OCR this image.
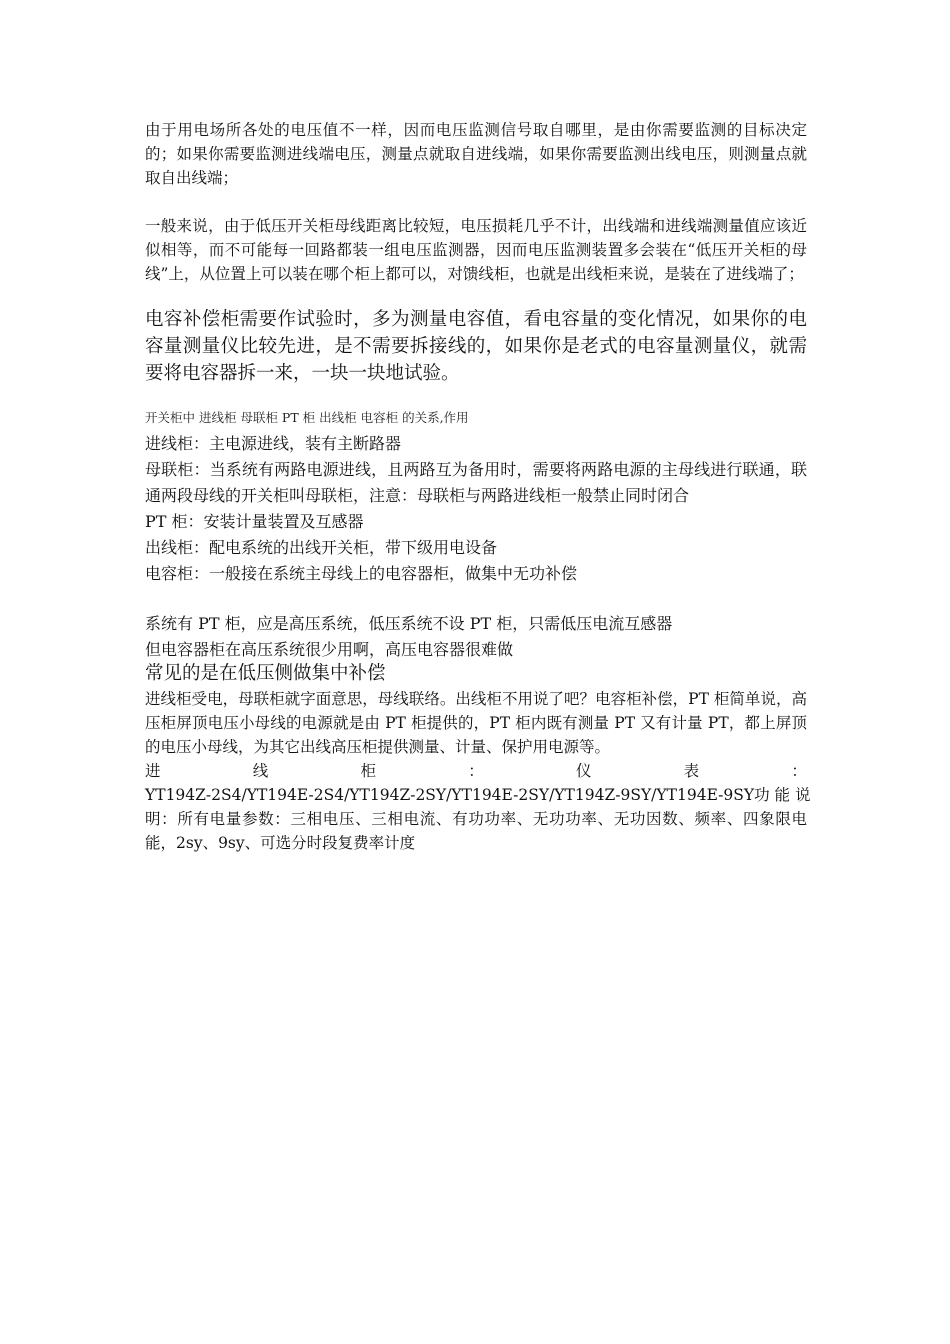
由于用电场所各处的电压值不一样，因而电压监测信号取自哪里，是由你需要监测的目标决定的；如果你需要监测进线端电压，测量点就取自进线端，如果你需要监测出线电压，则测量点就取自出线端；

一般来说，由于低压开关柜母线距离比较短，电压损耗几乎不计，出线端和进线端测量值应该近似相等，而不可能每一回路都装一组电压监测器，因而电压监测装置多会装在“低压开关柜的母线”上，从位置上可以装在哪个柜上都可以，对馈线柜，也就是出线柜来说，是装在了进线端了；

电容补偿柜需要作试验时，多为测量电容值，看电容量的变化情况，如果你的电容量测量仪比较先进，是不需要拆接线的，如果你是老式的电容量测量仪，就需要将电容器拆一来，一块一块地试验。

开关柜中 进线柜 母联柜 PT 柜 出线柜 电容柜 的关系,作用

进线柜：主电源进线，装有主断路器

母联柜：当系统有两路电源进线，且两路互为备用时，需要将两路电源的主母线进行联通，联通两段母线的开关柜叫母联柜，注意：母联柜与两路进线柜一般禁止同时闭合

PT 柜：安装计量装置及互感器

出线柜：配电系统的出线开关柜，带下级用电设备

电容柜：一般接在系统主母线上的电容器柜，做集中无功补偿

系统有 PT 柜，应是高压系统，低压系统不设 PT 柜，只需低压电流互感器

但电容器柜在高压系统很少用啊，高压电容器很难做

常见的是在低压侧做集中补偿

进线柜受电，母联柜就字面意思，母线联络。出线柜不用说了吧？电容柜补偿，PT 柜简单说，高压柜屏顶电压小母线的电源就是由 PT 柜提供的，PT 柜内既有测量 PT 又有计量 PT，都上屏顶的电压小母线，为其它出线高压柜提供测量、计量、保护用电源等。

进	线	柜	：	仪	表	：
YT194Z-2S4/YT194E-2S4/YT194Z-2SY/YT194E-2SY/YT194Z-9SY/YT194E-9SY 功 能 说

明：所有电量参数：三相电压、三相电流、有功功率、无功功率、无功因数、频率、四象限电能，2sy、9sy、可选分时段复费率计度
